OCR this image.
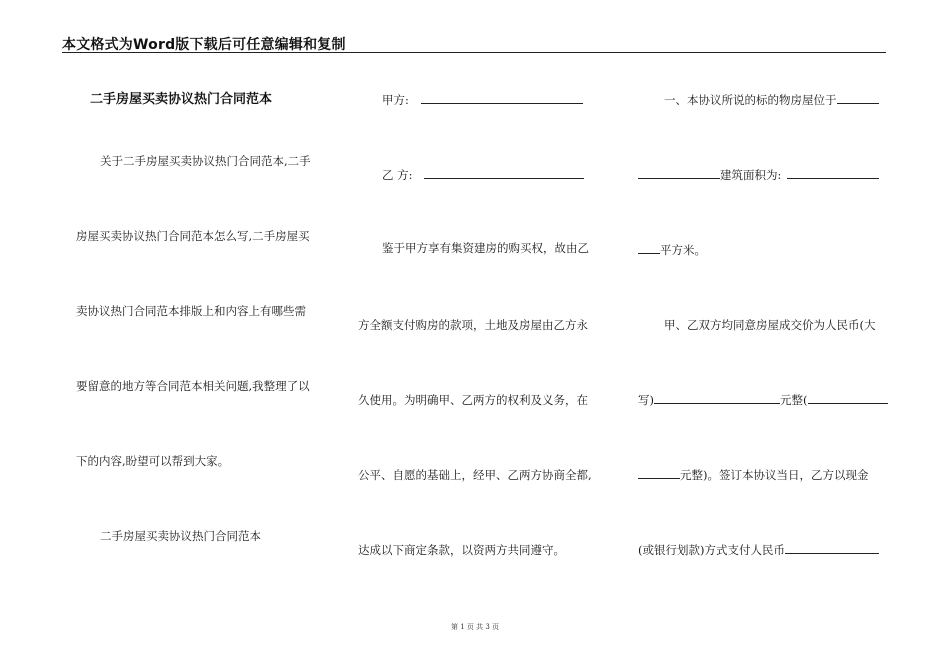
本文格式为Word版下载后可任意编辑和复制
二手房屋买卖协议热门合同范本
关于二手房屋买卖协议热门合同范本,二手
房屋买卖协议热门合同范本怎么写,二手房屋买
卖协议热门合同范本排版上和内容上有哪些需
要留意的地方等合同范本相关问题,我整理了以
下的内容,盼望可以帮到大家。
二手房屋买卖协议热门合同范本
甲方:
乙 方:
鉴于甲方享有集资建房的购买权，故由乙
方全额支付购房的款项，土地及房屋由乙方永
久使用。为明确甲、乙两方的权利及义务，在
公平、自愿的基础上，经甲、乙两方协商全都,
达成以下商定条款，以资两方共同遵守。
一、本协议所说的标的物房屋位于
建筑面积为:
平方米。
甲、乙双方均同意房屋成交价为人民币(大
写)	元整(
元整)。签订本协议当日，乙方以现金
(或银行划款)方式支付人民币
第 1 页 共 3 页
